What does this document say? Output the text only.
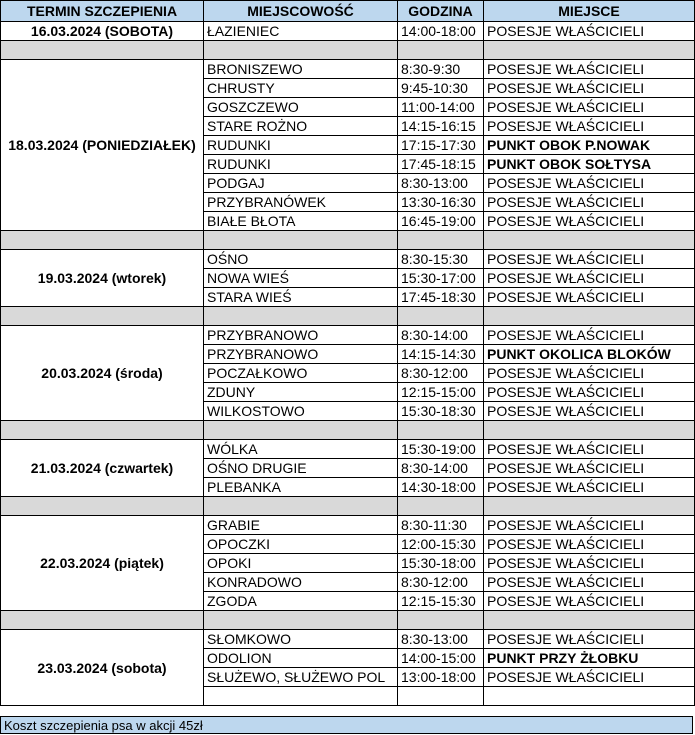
TERMIN SZCZEPIENIA	MIEJSCOWOŚĆ	GODZINA	MIEJSCE
16.03.2024 (SOBOTA)	ŁAZIENIEC	14:00-18:00	POSESJE WŁAŚCICIELI

18.03.2024 (PONIEDZIAŁEK)	BRONISZEWO	8:30-9:30	POSESJE WŁAŚCICIELI
	CHRUSTY	9:45-10:30	POSESJE WŁAŚCICIELI
	GOSZCZEWO	11:00-14:00	POSESJE WŁAŚCICIELI
	STARE ROŻNO	14:15-16:15	POSESJE WŁAŚCICIELI
	RUDUNKI	17:15-17:30	PUNKT OBOK P.NOWAK
	RUDUNKI	17:45-18:15	PUNKT OBOK SOŁTYSA
	PODGAJ	8:30-13:00	POSESJE WŁAŚCICIELI
	PRZYBRANÓWEK	13:30-16:30	POSESJE WŁAŚCICIELI
	BIAŁE BŁOTA	16:45-19:00	POSESJE WŁAŚCICIELI

19.03.2024 (wtorek)	OŚNO	8:30-15:30	POSESJE WŁAŚCICIELI
	NOWA WIEŚ	15:30-17:00	POSESJE WŁAŚCICIELI
	STARA WIEŚ	17:45-18:30	POSESJE WŁAŚCICIELI

20.03.2024 (środa)	PRZYBRANOWO	8:30-14:00	POSESJE WŁAŚCICIELI
	PRZYBRANOWO	14:15-14:30	PUNKT OKOLICA BLOKÓW
	POCZAŁKOWO	8:30-12:00	POSESJE WŁAŚCICIELI
	ZDUNY	12:15-15:00	POSESJE WŁAŚCICIELI
	WILKOSTOWO	15:30-18:30	POSESJE WŁAŚCICIELI

21.03.2024 (czwartek)	WÓLKA	15:30-19:00	POSESJE WŁAŚCICIELI
	OŚNO DRUGIE	8:30-14:00	POSESJE WŁAŚCICIELI
	PLEBANKA	14:30-18:00	POSESJE WŁAŚCICIELI

22.03.2024 (piątek)	GRABIE	8:30-11:30	POSESJE WŁAŚCICIELI
	OPOCZKI	12:00-15:30	POSESJE WŁAŚCICIELI
	OPOKI	15:30-18:00	POSESJE WŁAŚCICIELI
	KONRADOWO	8:30-12:00	POSESJE WŁAŚCICIELI
	ZGODA	12:15-15:30	POSESJE WŁAŚCICIELI

23.03.2024 (sobota)	SŁOMKOWO	8:30-13:00	POSESJE WŁAŚCICIELI
	ODOLION	14:00-15:00	PUNKT PRZY ŻŁOBKU
	SŁUŻEWO, SŁUŻEWO POL	13:00-18:00	POSESJE WŁAŚCICIELI

Koszt szczepienia psa w akcji 45zł
